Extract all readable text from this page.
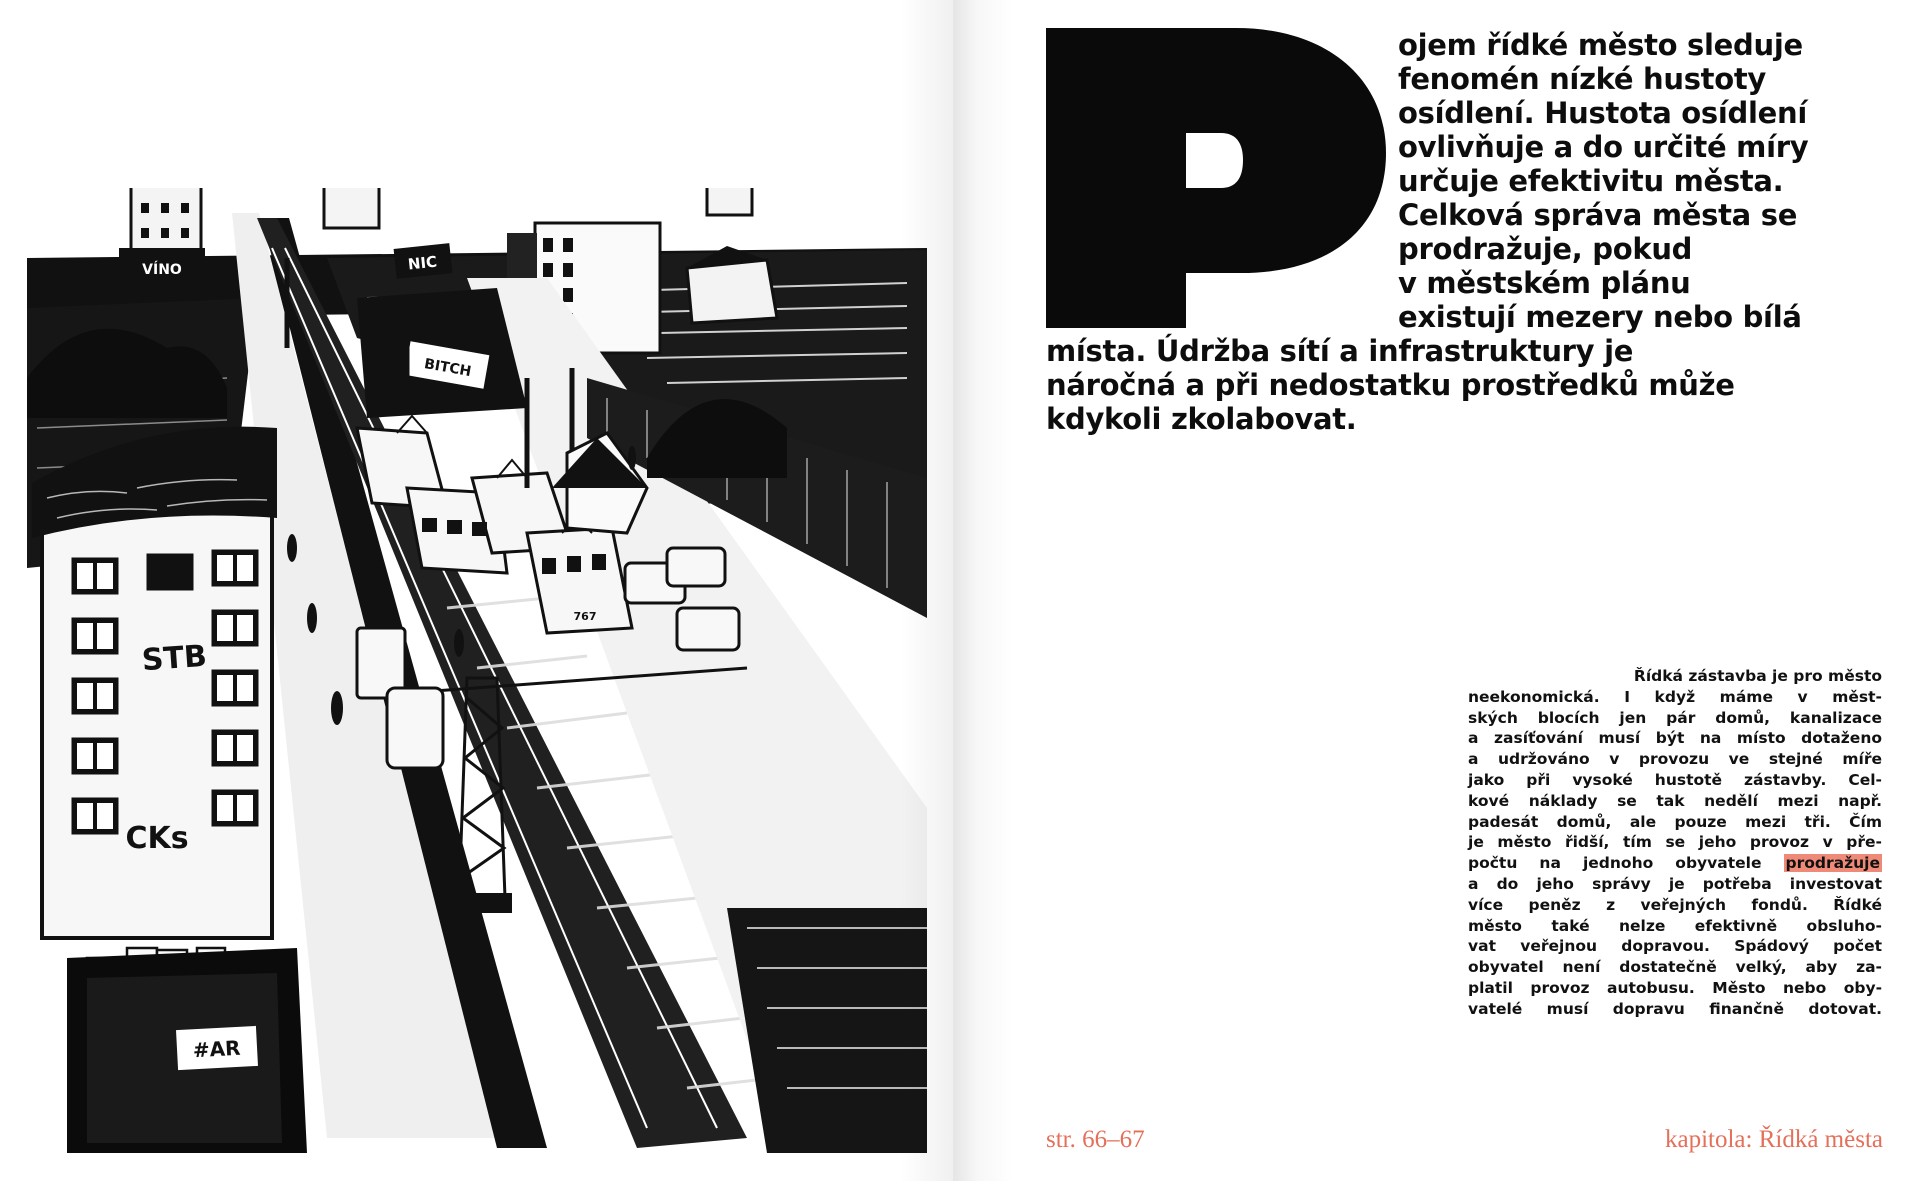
VÍNO	NIC
BITCH
767
STB
CKs
#AR
ojem řídké město sleduje
fenomén nízké hustoty
osídlení. Hustota osídlení
ovlivňuje a do určité míry
určuje efektivitu města.
Celková správa města se
prodražuje, pokud
v městském plánu
existují mezery nebo bílá
místa. Údržba sítí a infrastruktury je
náročná a při nedostatku prostředků může
kdykoli zkolabovat.
Řídká zástavba je pro město
neekonomická. I když máme v měst-
ských blocích jen pár domů, kanalizace
a zasíťování musí být na místo dotaženo
a udržováno v provozu ve stejné míře
jako při vysoké hustotě zástavby. Cel-
kové náklady se tak nedělí mezi např.
padesát domů, ale pouze mezi tři. Čím
je město řidší, tím se jeho provoz v pře-
počtu na jednoho obyvatele prodražuje
a do jeho správy je potřeba investovat
více peněz z veřejných fondů. Řídké
město také nelze efektivně obsluho-
vat veřejnou dopravou. Spádový počet
obyvatel není dostatečně velký, aby za-
platil provoz autobusu. Město nebo oby-
vatelé musí dopravu finančně dotovat.
str. 66–67	kapitola: Řídká města
